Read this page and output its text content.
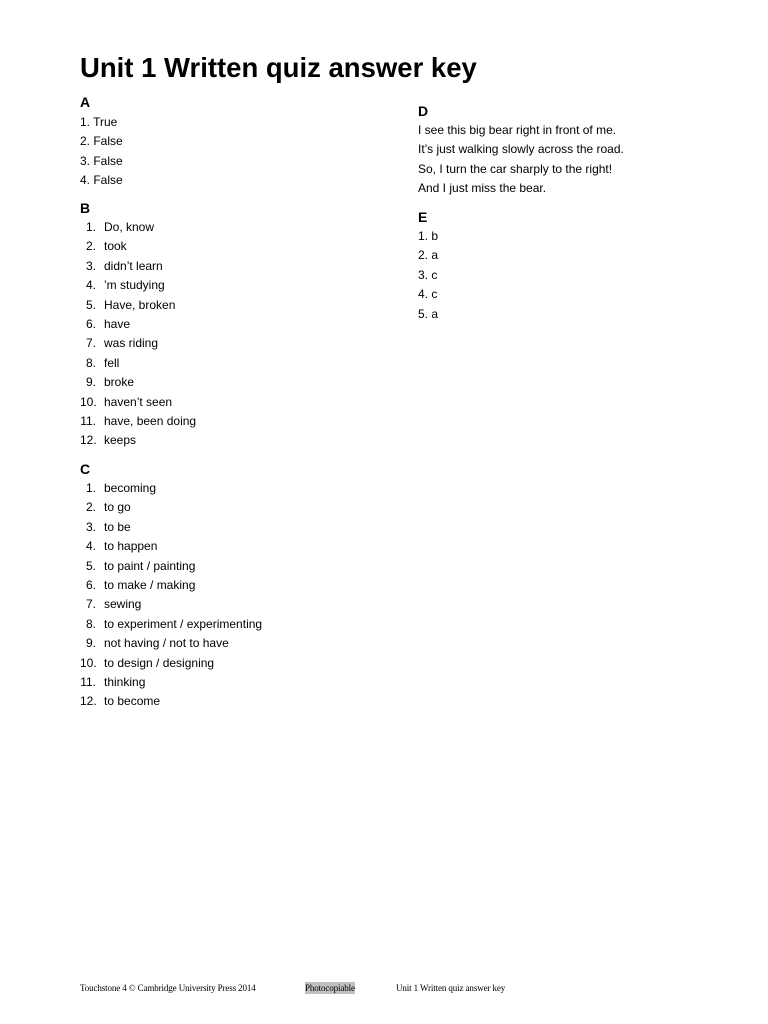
Unit 1 Written quiz answer key
A
1. True
2. False
3. False
4. False
B
1. Do, know
2. took
3. didn’t learn
4. ’m studying
5. Have, broken
6. have
7. was riding
8. fell
9. broke
10. haven’t seen
11. have, been doing
12. keeps
C
1. becoming
2. to go
3. to be
4. to happen
5. to paint / painting
6. to make / making
7. sewing
8. to experiment / experimenting
9. not having / not to have
10. to design / designing
11. thinking
12. to become
D
I see this big bear right in front of me.
It’s just walking slowly across the road.
So, I turn the car sharply to the right!
And I just miss the bear.
E
1. b
2. a
3. c
4. c
5. a
Touchstone 4 © Cambridge University Press 2014	Photocopiable	Unit 1 Written quiz answer key
